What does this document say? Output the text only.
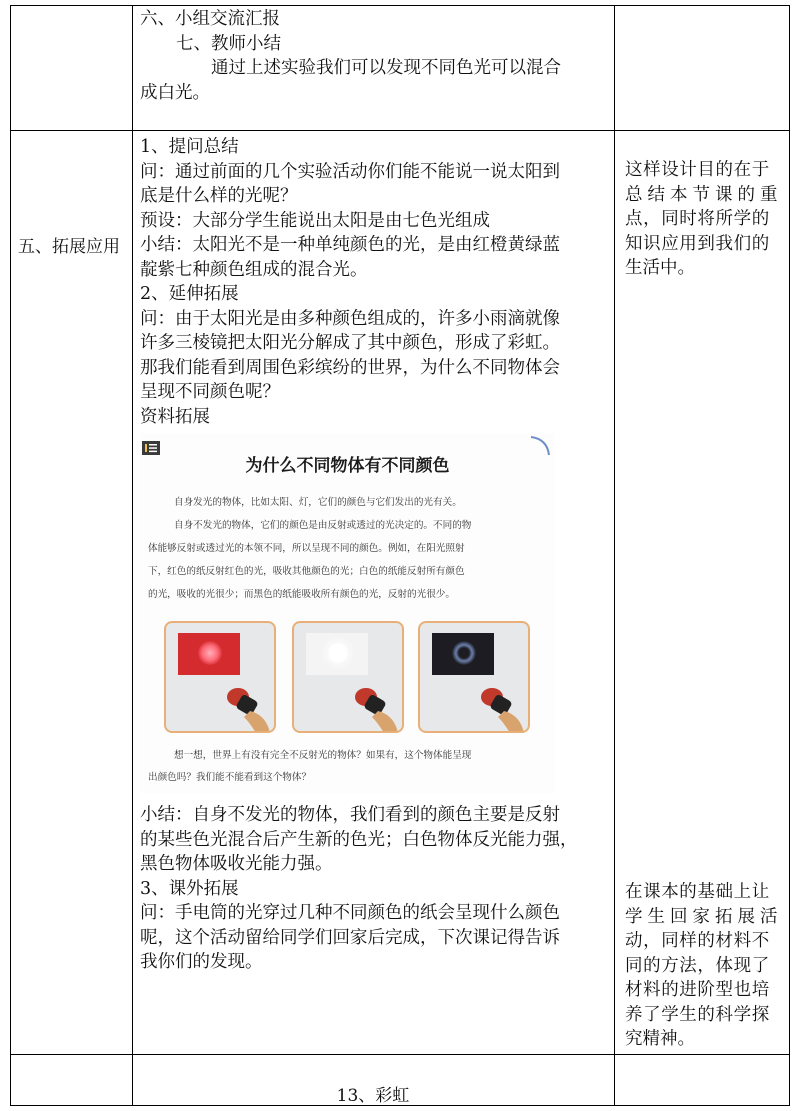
六、小组交流汇报

七、教师小结

通过上述实验我们可以发现不同色光可以混合

成白光。

五、拓展应用

1、提问总结

问：通过前面的几个实验活动你们能不能说一说太阳到

底是什么样的光呢？

预设：大部分学生能说出太阳是由七色光组成

小结：太阳光不是一种单纯颜色的光，是由红橙黄绿蓝

靛紫七种颜色组成的混合光。

2、延伸拓展

问：由于太阳光是由多种颜色组成的，许多小雨滴就像

许多三棱镜把太阳光分解成了其中颜色，形成了彩虹。

那我们能看到周围色彩缤纷的世界，为什么不同物体会

呈现不同颜色呢？

资料拓展

为什么不同物体有不同颜色
自身发光的物体，比如太阳、灯，它们的颜色与它们发出的光有关。
自身不发光的物体，它们的颜色是由反射或透过的光决定的。不同的物
体能够反射或透过光的本领不同，所以呈现不同的颜色。例如，在阳光照射
下，红色的纸反射红色的光，吸收其他颜色的光；白色的纸能反射所有颜色
的光，吸收的光很少；而黑色的纸能吸收所有颜色的光，反射的光很少。
想一想，世界上有没有完全不反射光的物体？如果有，这个物体能呈现
出颜色吗？我们能不能看到这个物体？

小结：自身不发光的物体，我们看到的颜色主要是反射

的某些色光混合后产生新的色光；白色物体反光能力强，

黑色物体吸收光能力强。

3、课外拓展

问：手电筒的光穿过几种不同颜色的纸会呈现什么颜色

呢，这个活动留给同学们回家后完成，下次课记得告诉

我你们的发现。

这样设计目的在于
总结本节课的重
点，同时将所学的
知识应用到我们的
生活中。
在课本的基础上让
学生回家拓展活
动，同样的材料不
同的方法，体现了
材料的进阶型也培
养了学生的科学探
究精神。
13、彩虹
